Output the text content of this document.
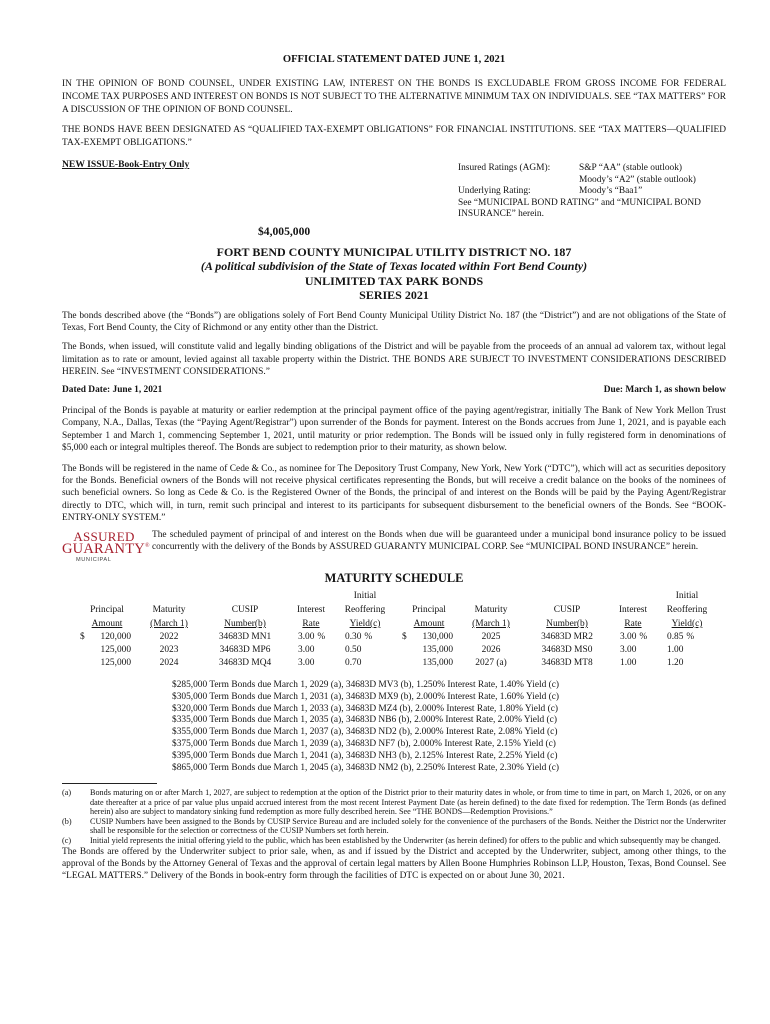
OFFICIAL STATEMENT DATED JUNE 1, 2021

IN THE OPINION OF BOND COUNSEL, UNDER EXISTING LAW, INTEREST ON THE BONDS IS EXCLUDABLE FROM GROSS INCOME FOR FEDERAL INCOME TAX PURPOSES AND INTEREST ON BONDS IS NOT SUBJECT TO THE ALTERNATIVE MINIMUM TAX ON INDIVIDUALS. SEE “TAX MATTERS” FOR A DISCUSSION OF THE OPINION OF BOND COUNSEL.

THE BONDS HAVE BEEN DESIGNATED AS “QUALIFIED TAX-EXEMPT OBLIGATIONS” FOR FINANCIAL INSTITUTIONS. SEE “TAX MATTERS—QUALIFIED TAX-EXEMPT OBLIGATIONS.”

NEW ISSUE-Book-Entry Only	Insured Ratings (AGM):	S&P “AA” (stable outlook)
Moody’s “A2” (stable outlook)
Underlying Rating:	Moody’s “Baa1”
See “MUNICIPAL BOND RATING” and “MUNICIPAL BOND INSURANCE” herein.
$4,005,000
FORT BEND COUNTY MUNICIPAL UTILITY DISTRICT NO. 187
(A political subdivision of the State of Texas located within Fort Bend County)
UNLIMITED TAX PARK BONDS
SERIES 2021

The bonds described above (the “Bonds”) are obligations solely of Fort Bend County Municipal Utility District No. 187 (the “District”) and are not obligations of the State of Texas, Fort Bend County, the City of Richmond or any entity other than the District.

The Bonds, when issued, will constitute valid and legally binding obligations of the District and will be payable from the proceeds of an annual ad valorem tax, without legal limitation as to rate or amount, levied against all taxable property within the District. THE BONDS ARE SUBJECT TO INVESTMENT CONSIDERATIONS DESCRIBED HEREIN. See “INVESTMENT CONSIDERATIONS.”

Dated Date: June 1, 2021	Due: March 1, as shown below

Principal of the Bonds is payable at maturity or earlier redemption at the principal payment office of the paying agent/registrar, initially The Bank of New York Mellon Trust Company, N.A., Dallas, Texas (the “Paying Agent/Registrar”) upon surrender of the Bonds for payment. Interest on the Bonds accrues from June 1, 2021, and is payable each September 1 and March 1, commencing September 1, 2021, until maturity or prior redemption. The Bonds will be issued only in fully registered form in denominations of $5,000 each or integral multiples thereof. The Bonds are subject to redemption prior to their maturity, as shown below.

The Bonds will be registered in the name of Cede & Co., as nominee for The Depository Trust Company, New York, New York (“DTC”), which will act as securities depository for the Bonds. Beneficial owners of the Bonds will not receive physical certificates representing the Bonds, but will receive a credit balance on the books of the nominees of such beneficial owners. So long as Cede & Co. is the Registered Owner of the Bonds, the principal of and interest on the Bonds will be paid by the Paying Agent/Registrar directly to DTC, which will, in turn, remit such principal and interest to its participants for subsequent disbursement to the beneficial owners of the Bonds. See “BOOK-ENTRY-ONLY SYSTEM.”

ASSURED
GUARANTY®
MUNICIPAL

The scheduled payment of principal of and interest on the Bonds when due will be guaranteed under a municipal bond insurance policy to be issued concurrently with the delivery of the Bonds by ASSURED GUARANTY MUNICIPAL CORP. See “MUNICIPAL BOND INSURANCE” herein.

MATURITY SCHEDULE
Initial	Initial
Principal	Maturity	CUSIP	Interest	Reoffering	Principal	Maturity	CUSIP	Interest	Reoffering
Amount	(March 1)	Number(b)	Rate	Yield(c)	Amount	(March 1)	Number(b)	Rate	Yield(c)
$ 120,000	2022	34683D MN1	3.00 %	0.30 %	$ 130,000	2025	34683D MR2	3.00 %	0.85 %
125,000	2023	34683D MP6	3.00	0.50	135,000	2026	34683D MS0	3.00	1.00
125,000	2024	34683D MQ4	3.00	0.70	135,000	2027 (a)	34683D MT8	1.00	1.20
$285,000 Term Bonds due March 1, 2029 (a), 34683D MV3 (b), 1.250% Interest Rate, 1.40% Yield (c)
$305,000 Term Bonds due March 1, 2031 (a), 34683D MX9 (b), 2.000% Interest Rate, 1.60% Yield (c)
$320,000 Term Bonds due March 1, 2033 (a), 34683D MZ4 (b), 2.000% Interest Rate, 1.80% Yield (c)
$335,000 Term Bonds due March 1, 2035 (a), 34683D NB6 (b), 2.000% Interest Rate, 2.00% Yield (c)
$355,000 Term Bonds due March 1, 2037 (a), 34683D ND2 (b), 2.000% Interest Rate, 2.08% Yield (c)
$375,000 Term Bonds due March 1, 2039 (a), 34683D NF7 (b), 2.000% Interest Rate, 2.15% Yield (c)
$395,000 Term Bonds due March 1, 2041 (a), 34683D NH3 (b), 2.125% Interest Rate, 2.25% Yield (c)
$865,000 Term Bonds due March 1, 2045 (a), 34683D NM2 (b), 2.250% Interest Rate, 2.30% Yield (c)
(a)	Bonds maturing on or after March 1, 2027, are subject to redemption at the option of the District prior to their maturity dates in whole, or from time to time in part, on March 1, 2026, or on any date thereafter at a price of par value plus unpaid accrued interest from the most recent Interest Payment Date (as herein defined) to the date fixed for redemption. The Term Bonds (as defined herein) also are subject to mandatory sinking fund redemption as more fully described herein. See “THE BONDS—Redemption Provisions.”
(b)	CUSIP Numbers have been assigned to the Bonds by CUSIP Service Bureau and are included solely for the convenience of the purchasers of the Bonds. Neither the District nor the Underwriter shall be responsible for the selection or correctness of the CUSIP Numbers set forth herein.
(c)	Initial yield represents the initial offering yield to the public, which has been established by the Underwriter (as herein defined) for offers to the public and which subsequently may be changed.

The Bonds are offered by the Underwriter subject to prior sale, when, as and if issued by the District and accepted by the Underwriter, subject, among other things, to the approval of the Bonds by the Attorney General of Texas and the approval of certain legal matters by Allen Boone Humphries Robinson LLP, Houston, Texas, Bond Counsel. See “LEGAL MATTERS.” Delivery of the Bonds in book-entry form through the facilities of DTC is expected on or about June 30, 2021.
